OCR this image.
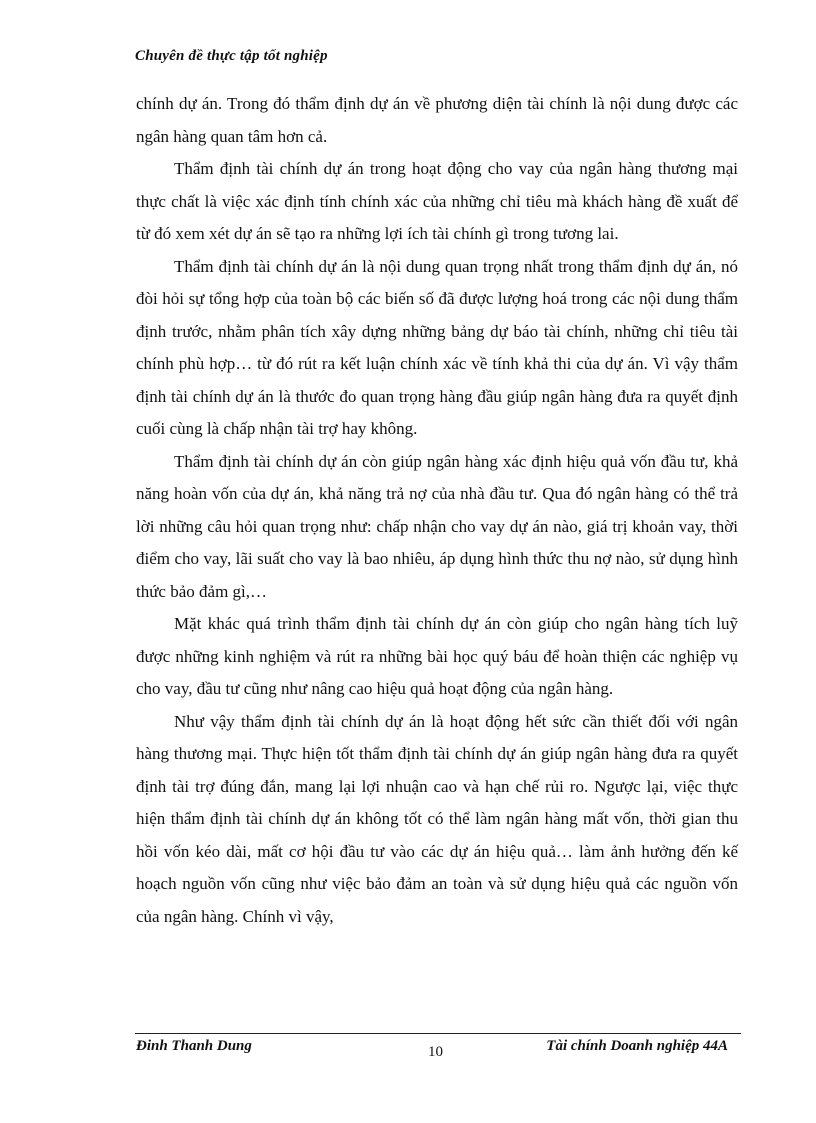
Chuyên đề thực tập tốt nghiệp

chính dự án. Trong đó thẩm định dự án về phương diện tài chính là nội dung được các ngân hàng quan tâm hơn cả.

Thẩm định tài chính dự án trong hoạt động cho vay của ngân hàng thương mại thực chất là việc xác định tính chính xác của những chỉ tiêu mà khách hàng đề xuất để từ đó xem xét dự án sẽ tạo ra những lợi ích tài chính gì trong tương lai.

Thẩm định tài chính dự án là nội dung quan trọng nhất trong thẩm định dự án, nó đòi hỏi sự tổng hợp của toàn bộ các biến số đã được lượng hoá trong các nội dung thẩm định trước, nhằm phân tích xây dựng những bảng dự báo tài chính, những chỉ tiêu tài chính phù hợp… từ đó rút ra kết luận chính xác về tính khả thi của dự án. Vì vậy thẩm định tài chính dự án là thước đo quan trọng hàng đầu giúp ngân hàng đưa ra quyết định cuối cùng là chấp nhận tài trợ hay không.

Thẩm định tài chính dự án còn giúp ngân hàng xác định hiệu quả vốn đầu tư, khả năng hoàn vốn của dự án, khả năng trả nợ của nhà đầu tư. Qua đó ngân hàng có thể trả lời những câu hỏi quan trọng như: chấp nhận cho vay dự án nào, giá trị khoản vay, thời điểm cho vay, lãi suất cho vay là bao nhiêu, áp dụng hình thức thu nợ nào, sử dụng hình thức bảo đảm gì,…

Mặt khác quá trình thẩm định tài chính dự án còn giúp cho ngân hàng tích luỹ được những kinh nghiệm và rút ra những bài học quý báu để hoàn thiện các nghiệp vụ cho vay, đầu tư cũng như nâng cao hiệu quả hoạt động của ngân hàng.

Như vậy thẩm định tài chính dự án là hoạt động hết sức cần thiết đối với ngân hàng thương mại. Thực hiện tốt thẩm định tài chính dự án giúp ngân hàng đưa ra quyết định tài trợ đúng đắn, mang lại lợi nhuận cao và hạn chế rủi ro. Ngược lại, việc thực hiện thẩm định tài chính dự án không tốt có thể làm ngân hàng mất vốn, thời gian thu hồi vốn kéo dài, mất cơ hội đầu tư vào các dự án hiệu quả… làm ảnh hưởng đến kế hoạch nguồn vốn cũng như việc bảo đảm an toàn và sử dụng hiệu quả các nguồn vốn của ngân hàng. Chính vì vậy,

Đinh Thanh Dung	10	Tài chính Doanh nghiệp 44A
